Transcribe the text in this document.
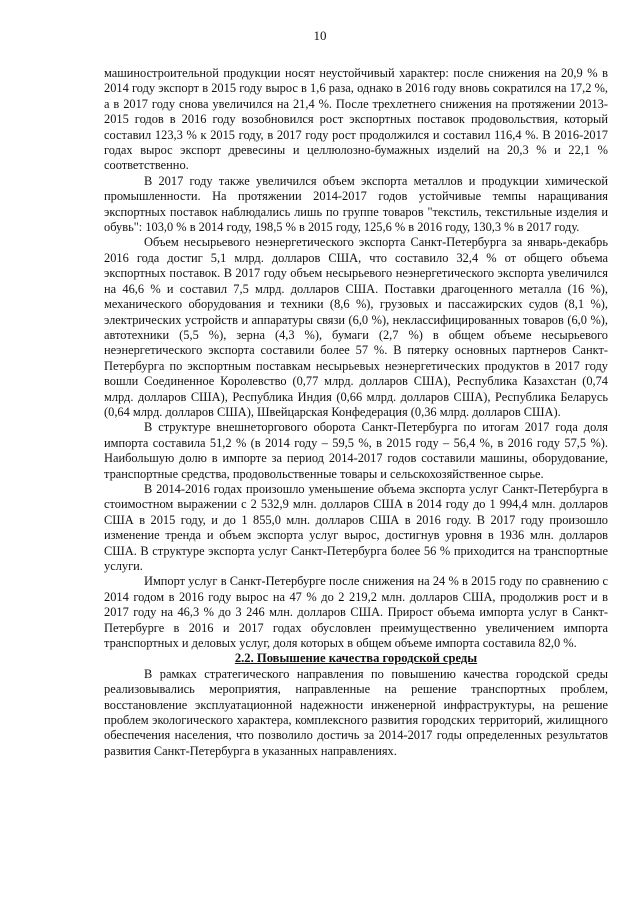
10

машиностроительной продукции носят неустойчивый характер: после снижения на 20,9 % в 2014 году экспорт в 2015 году вырос в 1,6 раза, однако в 2016 году вновь сократился на 17,2 %, а в 2017 году снова увеличился на 21,4 %. После трехлетнего снижения на протяжении 2013-2015 годов в 2016 году возобновился рост экспортных поставок продовольствия, который составил 123,3 % к 2015 году, в 2017 году рост продолжился и составил 116,4 %. В 2016-2017 годах вырос экспорт древесины и целлюлозно-бумажных изделий на 20,3 % и 22,1 % соответственно.

В 2017 году также увеличился объем экспорта металлов и продукции химической промышленности. На протяжении 2014-2017 годов устойчивые темпы наращивания экспортных поставок наблюдались лишь по группе товаров "текстиль, текстильные изделия и обувь": 103,0 % в 2014 году, 198,5 % в 2015 году, 125,6 % в 2016 году, 130,3 % в 2017 году.

Объем несырьевого неэнергетического экспорта Санкт-Петербурга за январь-декабрь 2016 года достиг 5,1 млрд. долларов США, что составило 32,4 % от общего объема экспортных поставок. В 2017 году объем несырьевого неэнергетического экспорта увеличился на 46,6 % и составил 7,5 млрд. долларов США. Поставки драгоценного металла (16 %), механического оборудования и техники (8,6 %), грузовых и пассажирских судов (8,1 %), электрических устройств и аппаратуры связи (6,0 %), неклассифицированных товаров (6,0 %), автотехники (5,5 %), зерна (4,3 %), бумаги (2,7 %) в общем объеме несырьевого неэнергетического экспорта составили более 57 %. В пятерку основных партнеров Санкт-Петербурга по экспортным поставкам несырьевых неэнергетических продуктов в 2017 году вошли Соединенное Королевство (0,77 млрд. долларов США), Республика Казахстан (0,74 млрд. долларов США), Республика Индия (0,66 млрд. долларов США), Республика Беларусь (0,64 млрд. долларов США), Швейцарская Конфедерация (0,36 млрд. долларов США).

В структуре внешнеторгового оборота Санкт-Петербурга по итогам 2017 года доля импорта составила 51,2 % (в 2014 году – 59,5 %, в 2015 году – 56,4 %, в 2016 году 57,5 %). Наибольшую долю в импорте за период 2014-2017 годов составили машины, оборудование, транспортные средства, продовольственные товары и сельскохозяйственное сырье.

В 2014-2016 годах произошло уменьшение объема экспорта услуг Санкт-Петербурга в стоимостном выражении с 2 532,9 млн. долларов США в 2014 году до 1 994,4 млн. долларов США в 2015 году, и до 1 855,0 млн. долларов США в 2016 году. В 2017 году произошло изменение тренда и объем экспорта услуг вырос, достигнув уровня в 1936 млн. долларов США. В структуре экспорта услуг Санкт-Петербурга более 56 % приходится на транспортные услуги.

Импорт услуг в Санкт-Петербурге после снижения на 24 % в 2015 году по сравнению с 2014 годом в 2016 году вырос на 47 % до 2 219,2 млн. долларов США, продолжив рост и в 2017 году на 46,3 % до 3 246 млн. долларов США. Прирост объема импорта услуг в Санкт-Петербурге в 2016 и 2017 годах обусловлен преимущественно увеличением импорта транспортных и деловых услуг, доля которых в общем объеме импорта составила 82,0 %.

2.2. Повышение качества городской среды

В рамках стратегического направления по повышению качества городской среды реализовывались мероприятия, направленные на решение транспортных проблем, восстановление эксплуатационной надежности инженерной инфраструктуры, на решение проблем экологического характера, комплексного развития городских территорий, жилищного обеспечения населения, что позволило достичь за 2014-2017 годы определенных результатов развития Санкт-Петербурга в указанных направлениях.
